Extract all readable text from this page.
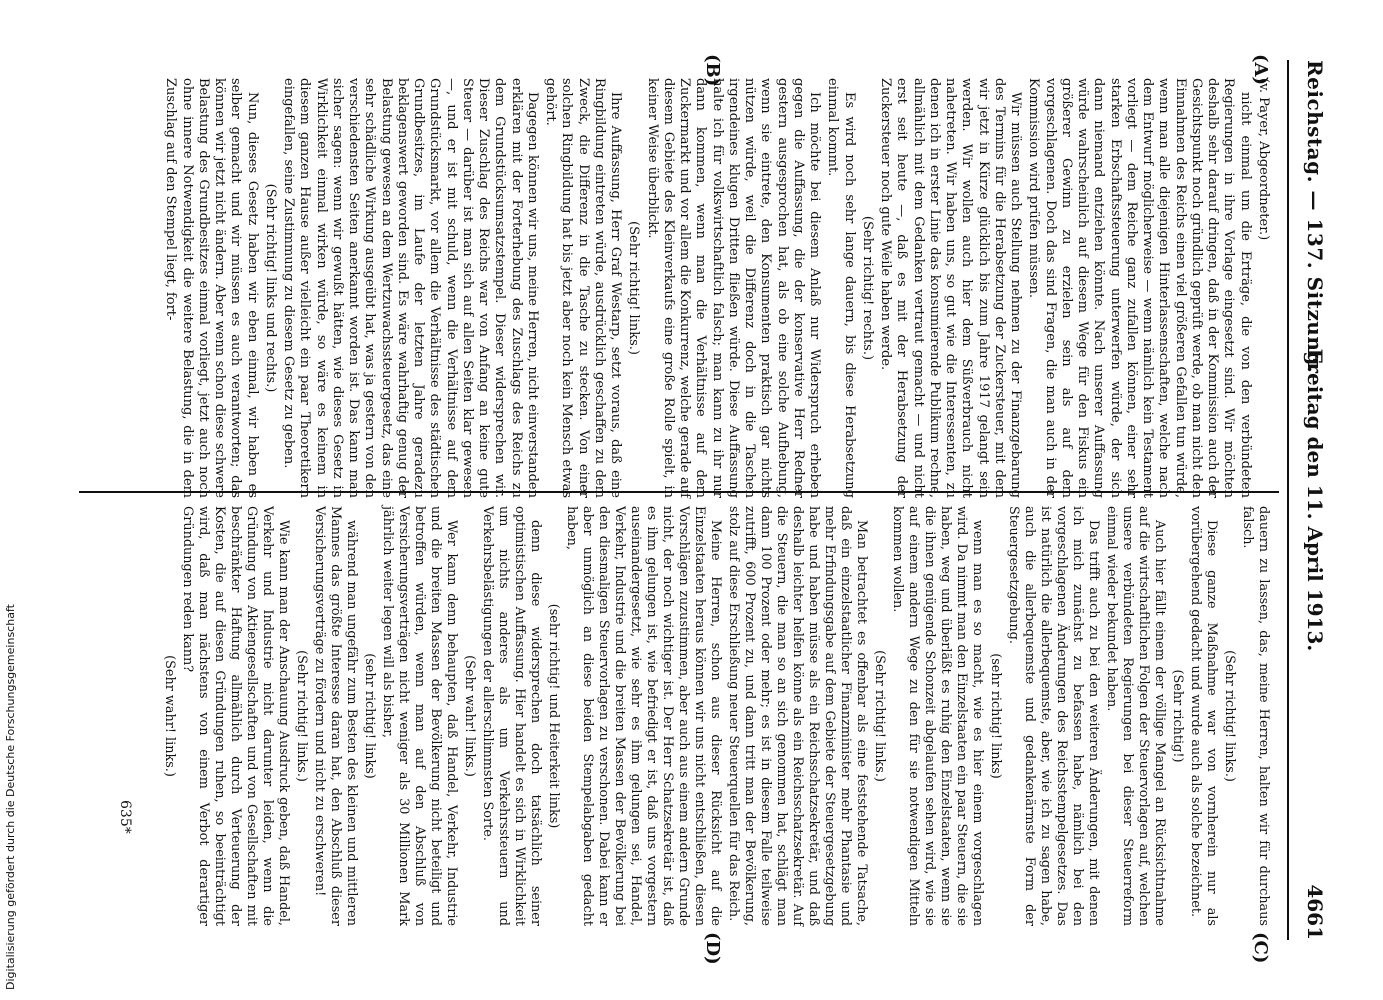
Reichstag. — 137. Sitzung.
Freitag den 11. April 1913.
4661
(A)
(B)
(C)
(D)

(v. Payer, Abgeordneter.)

nicht einmal um die Erträge, die von den verbündeten Regierungen in ihre Vorlage eingesetzt sind. Wir möchten deshalb sehr darauf dringen, daß in der Kommission auch der Gesichtspunkt noch gründlich geprüft werde, ob man nicht den Einnahmen des Reichs einen viel größeren Gefallen tun würde, wenn man alle diejenigen Hinterlassenschaften, welche nach dem Entwurf möglicherweise — wenn nämlich kein Testament vorliegt — dem Reiche ganz zufallen können, einer sehr starken Erbschaftssteuerung unterwerfen würde, der sich dann niemand entziehen könnte. Nach unserer Auffassung würde wahrscheinlich auf diesem Wege für den Fiskus ein größerer Gewinn zu erzielen sein als auf dem vorgeschlagenen. Doch das sind Fragen, die man auch in der Kommission wird prüfen müssen.

Wir müssen auch Stellung nehmen zu der Finanzgebarung des Termins für die Herabsetzung der Zuckersteuer, mit dem wir jetzt in Kürze glücklich bis zum Jahre 1917 gelangt sein werden. Wir wollen auch hier dem Süßverbrauch nicht nahetreten. Wir haben uns, so gut wie die Interessenten, zu denen ich in erster Linie das konsumierende Publikum rechne, allmählich mit dem Gedanken vertraut gemacht — und nicht erst seit heute —, daß es mit der Herabsetzung der Zuckersteuer noch gute Weile haben werde.

(Sehr richtig! rechts.)

Es wird noch sehr lange dauern, bis diese Herabsetzung einmal kommt.

Ich möchte bei diesem Anlaß nur Widerspruch erheben gegen die Auffassung, die der konservative Herr Redner gestern ausgesprochen hat, als ob eine solche Aufhebung, wenn sie eintrete, den Konsumenten praktisch gar nichts nützen würde, weil die Differenz doch in die Taschen irgendeines klugen Dritten fließen würde. Diese Auffassung halte ich für volkswirtschaftlich falsch; man kann zu ihr nur dann kommen, wenn man die Verhältnisse auf dem Zuckermarkt und vor allem die Konkurrenz, welche gerade auf diesem Gebiete des Kleinverkaufs eine große Rolle spielt, in keiner Weise überblickt.

(Sehr richtig! links.)

Ihre Auffassung, Herr Graf Westarp, setzt voraus, daß eine Ringbildung eintreten würde, ausdrücklich geschaffen zu dem Zweck, die Differenz in die Tasche zu stecken. Von einer solchen Ringbildung hat bis jetzt aber noch kein Mensch etwas gehört.

Dagegen können wir uns, meine Herren, nicht einverstanden erklären mit der Forterhebung des Zuschlags des Reichs zu dem Grundstücksumsatzstempel. Dieser widersprechen wir. Dieser Zuschlag des Reichs war von Anfang an keine gute Steuer — darüber ist man sich auf allen Seiten klar gewesen —, und er ist mit schuld, wenn die Verhältnisse auf dem Grundstücksmarkt, vor allem die Verhältnisse des städtischen Grundbesitzes, im Laufe der letzten Jahre geradezu beklagenswert geworden sind. Es wäre wahrhaftig genug der Belastung gewesen an dem Wertzuwachssteuergesetz, das eine sehr schädliche Wirkung ausgeübt hat, was ja gestern von den verschiedensten Seiten anerkannt worden ist. Das kann man sicher sagen: wenn wir gewußt hätten, wie dieses Gesetz in Wirklichkeit einmal wirken würde, so wäre es keinem in diesem ganzen Hause außer vielleicht ein paar Theoretikern eingefallen, seine Zustimmung zu diesem Gesetz zu geben.

(Sehr richtig! links und rechts.)

Nun, dieses Gesetz haben wir eben einmal, wir haben es selber gemacht und wir müssen es auch verantworten; das können wir jetzt nicht ändern. Aber wenn schon diese schwere Belastung des Grundbesitzes einmal vorliegt, jetzt auch noch ohne innere Notwendigkeit die weitere Belastung, die in dem Zuschlag auf den Stempel liegt, fort-

dauern zu lassen, das, meine Herren, halten wir für durchaus falsch.

(Sehr richtig! links.)

Diese ganze Maßnahme war von vornherein nur als vorübergehend gedacht und wurde auch als solche bezeichnet.

(Sehr richtig!)

Auch hier fällt einem der völlige Mangel an Rücksichtnahme auf die wirtschaftlichen Folgen der Steuervorlagen auf, welchen unsere verbündeten Regierungen bei dieser Steuerreform einmal wieder bekundet haben.

Das trifft auch zu bei den weiteren Änderungen, mit denen ich mich zunächst zu befassen habe, nämlich bei den vorgeschlagenen Änderungen des Reichsstempelgesetzes. Das ist natürlich die allerbequemste, aber, wie ich zu sagen habe, auch die allerbequemste und gedankenärmste Form der Steuergesetzgebung.

(sehr richtig! links)

wenn man es so macht, wie es hier einem vorgeschlagen wird. Da nimmt man den Einzelstaaten ein paar Steuern, die sie haben, weg und überläßt es ruhig den Einzelstaaten, wenn sie die ihnen genügende Schonzeit abgelaufen sehen wird, wie sie auf einem andern Wege zu den für sie notwendigen Mitteln kommen wollen.

(Sehr richtig! links.)

Man betrachtet es offenbar als eine feststehende Tatsache, daß ein einzelstaatlicher Finanzminister mehr Phantasie und mehr Erfindungsgabe auf dem Gebiete der Steuergesetzgebung habe und haben müsse als ein Reichsschatzsekretär, und daß deshalb leichter helfen könne als ein Reichsschatzsekretär. Auf die Steuern, die man so an sich genommen hat, schlägt man dann 100 Prozent oder mehr; es ist in diesem Falle teilweise zutrifft, 600 Prozent zu, und dann tritt man der Bevölkerung, stolz auf diese Erschließung neuer Steuerquellen für das Reich.

Meine Herren, schon aus dieser Rücksicht auf die Einzelstaaten heraus können wir uns nicht entschließen, diesen Vorschlägen zuzustimmen, aber auch aus einem andern Grunde nicht, der noch wichtiger ist. Der Herr Schatzsekretär ist, daß es ihm gelungen ist, wie befriedigt er ist, daß uns vorgestern auseinandergesetzt, wie sehr es ihm gelungen sei, Handel, Verkehr, Industrie und die breiten Massen der Bevölkerung bei den diesmaligen Steuervorlagen zu verschonen. Dabei kann er aber unmöglich an diese beiden Stempelabgaben gedacht haben,

(sehr richtig! und Heiterkeit links)

denn diese widersprechen doch tatsächlich seiner optimistischen Auffassung. Hier handelt es sich in Wirklichkeit um nichts anderes als um Verkehrssteuern und Verkehrsbelästigungen der allerschlimmsten Sorte.

(Sehr wahr! links.)

Wer kann denn behaupten, daß Handel, Verkehr, Industrie und die breiten Massen der Bevölkerung nicht beteiligt und betroffen würden, wenn man auf den Abschluß von Versicherungsverträgen nicht weniger als 30 Millionen Mark jährlich weiter legen will als bisher,

(sehr richtig! links)

während man ungefähr zum Besten des kleinen und mittleren Mannes das größte Interesse daran hat, den Abschluß dieser Versicherungsverträge zu fördern und nicht zu erschweren!

(Sehr richtig! links.)

Wie kann man der Anschauung Ausdruck geben, daß Handel, Verkehr und Industrie nicht darunter leiden, wenn die Gründung von Aktiengesellschaften und von Gesellschaften mit beschränkter Haftung allmählich durch Verteuerung der Kosten, die auf diesen Gründungen ruhen, so beeinträchtigt wird, daß man nächstens von einem Verbot derartiger Gründungen reden kann?

(Sehr wahr! links.)

635*
Digitalisierung gefördert durch die Deutsche Forschungsgemeinschaft
